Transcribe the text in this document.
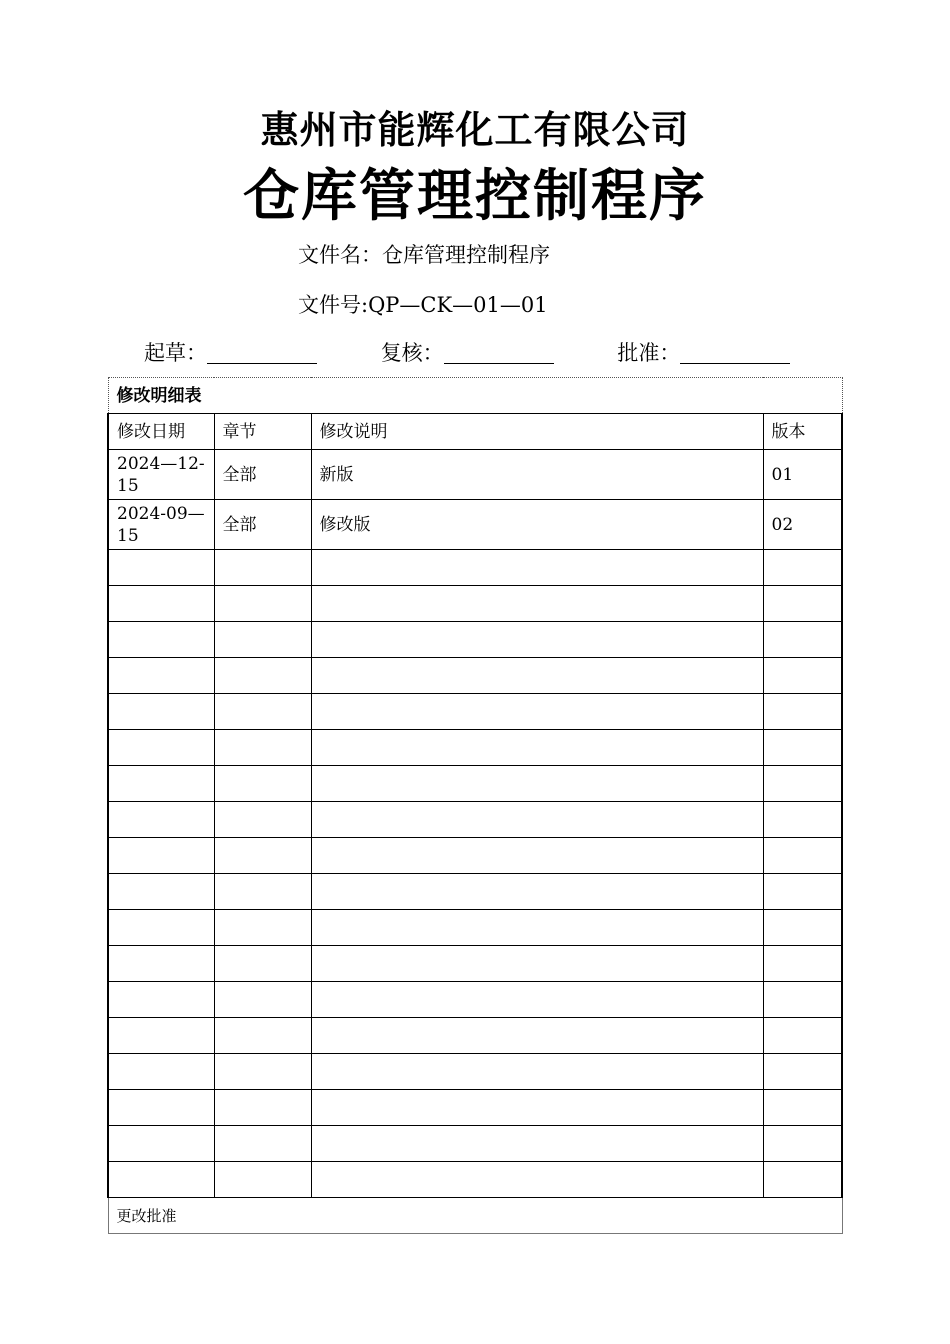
惠州市能辉化工有限公司
仓库管理控制程序
文件名：仓库管理控制程序
文件号:QP—CK—01—01
起草：	复核：	批准：
修改明细表			
修改日期	章节	修改说明	版本
2024—12-15	全部	新版	01
2024-09—15	全部	修改版	02

更改批准			
